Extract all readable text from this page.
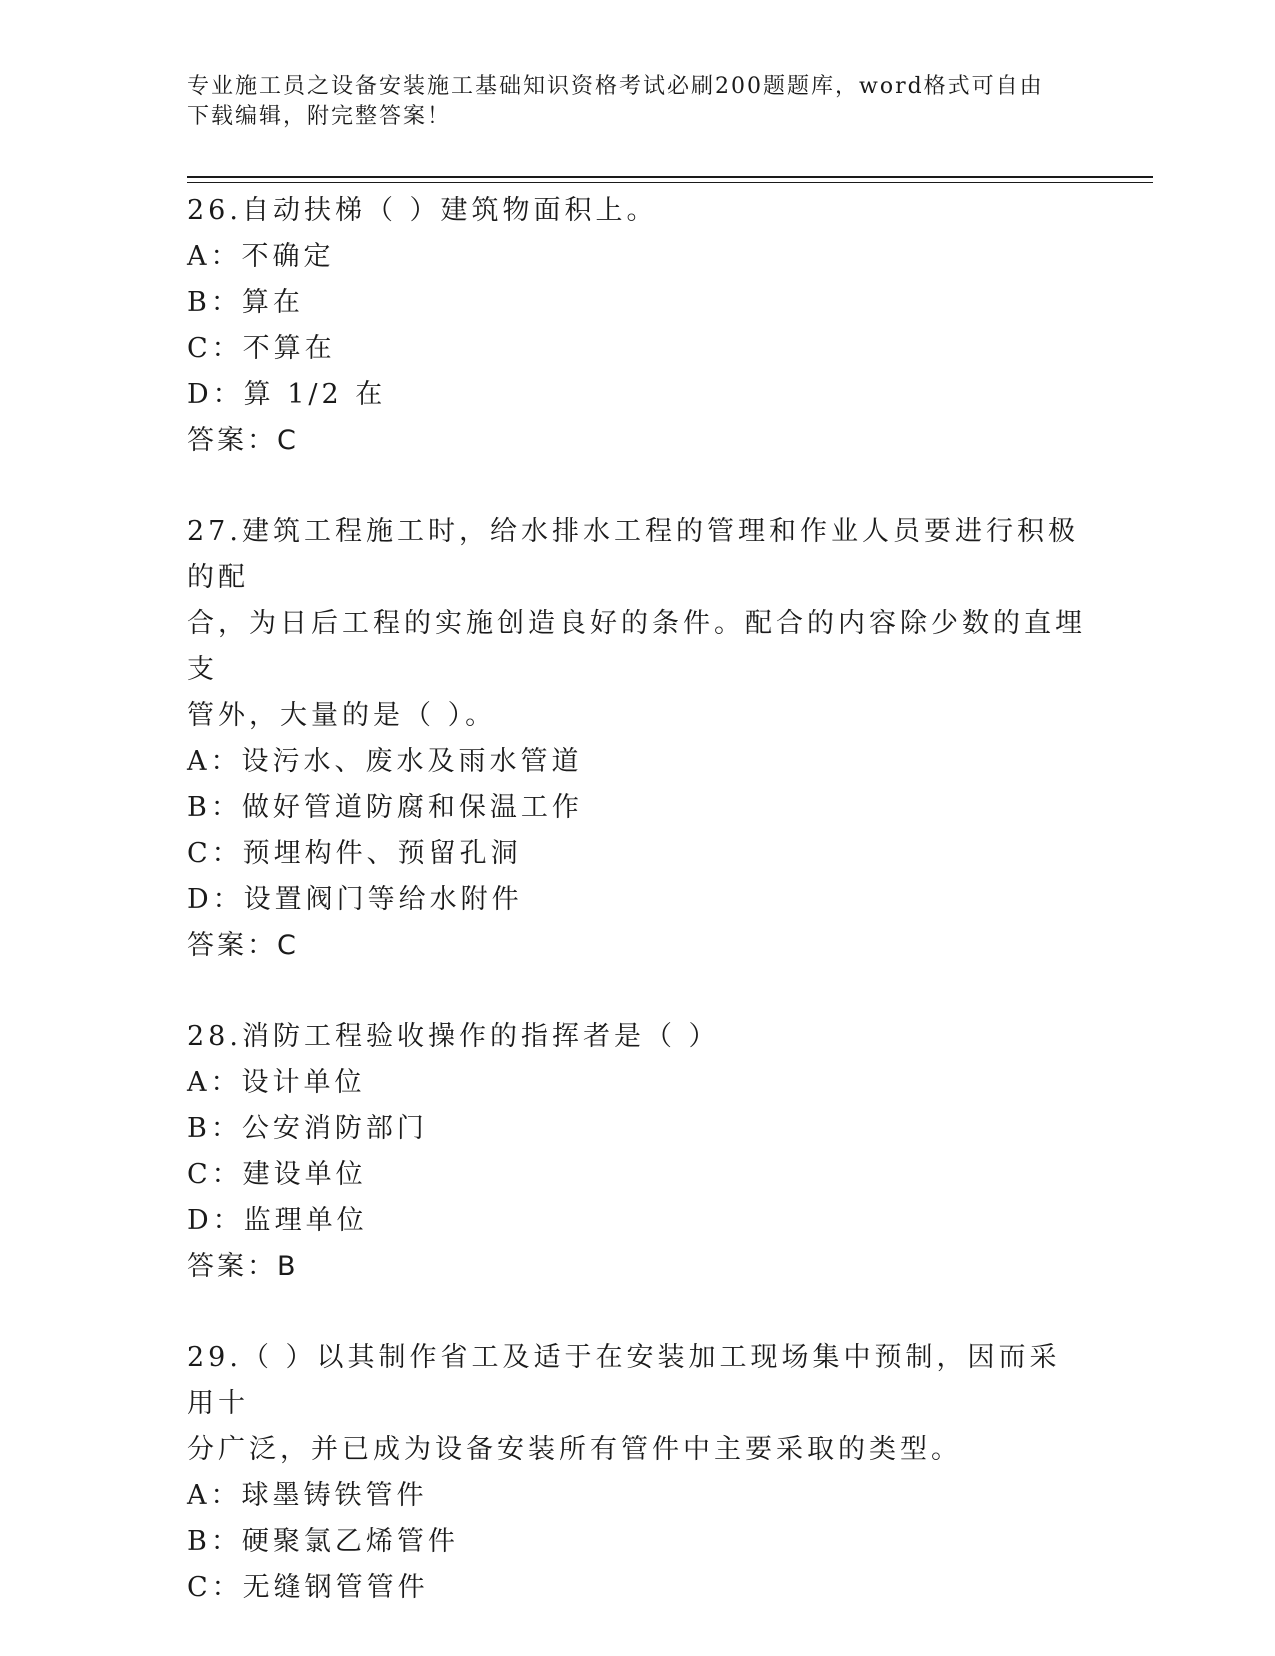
专业施工员之设备安装施工基础知识资格考试必刷200题题库，word格式可自由
下载编辑，附完整答案！
26.自动扶梯（ ）建筑物面积上。
A：不确定
B：算在
C：不算在
D：算 1/2 在
答案：C
27.建筑工程施工时，给水排水工程的管理和作业人员要进行积极的配
合，为日后工程的实施创造良好的条件。配合的内容除少数的直埋支
管外，大量的是（ ）。
A：设污水、废水及雨水管道
B：做好管道防腐和保温工作
C：预埋构件、预留孔洞
D：设置阀门等给水附件
答案：C
28.消防工程验收操作的指挥者是（ ）
A：设计单位
B：公安消防部门
C：建设单位
D：监理单位
答案：B
29.（ ）以其制作省工及适于在安装加工现场集中预制，因而采用十
分广泛，并已成为设备安装所有管件中主要采取的类型。
A：球墨铸铁管件
B：硬聚氯乙烯管件
C：无缝钢管管件
